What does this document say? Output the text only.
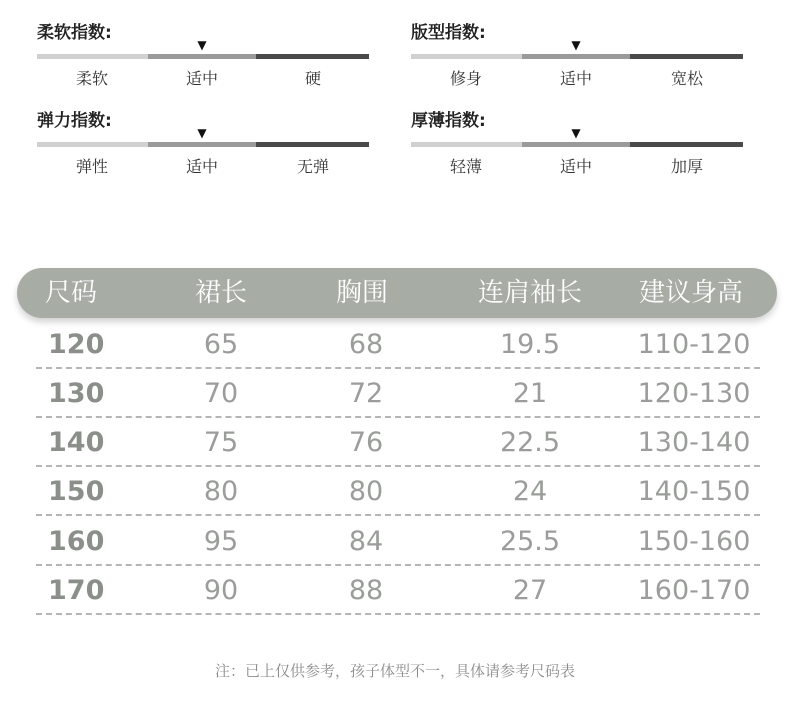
柔软指数:
▼
柔软	适中	硬
版型指数:
▼
修身	适中	宽松
弹力指数:
▼
弹性	适中	无弹
厚薄指数:
▼
轻薄	适中	加厚
尺码	裙长	胸围	连肩袖长 建议身高
120	65	68	19.5	110-120
130	70	72	21	120-130
140	75	76	22.5	130-140
150	80	80	24	140-150
160	95	84	25.5	150-160
170	90	88	27	160-170
注：已上仅供参考，孩子体型不一，具体请参考尺码表
